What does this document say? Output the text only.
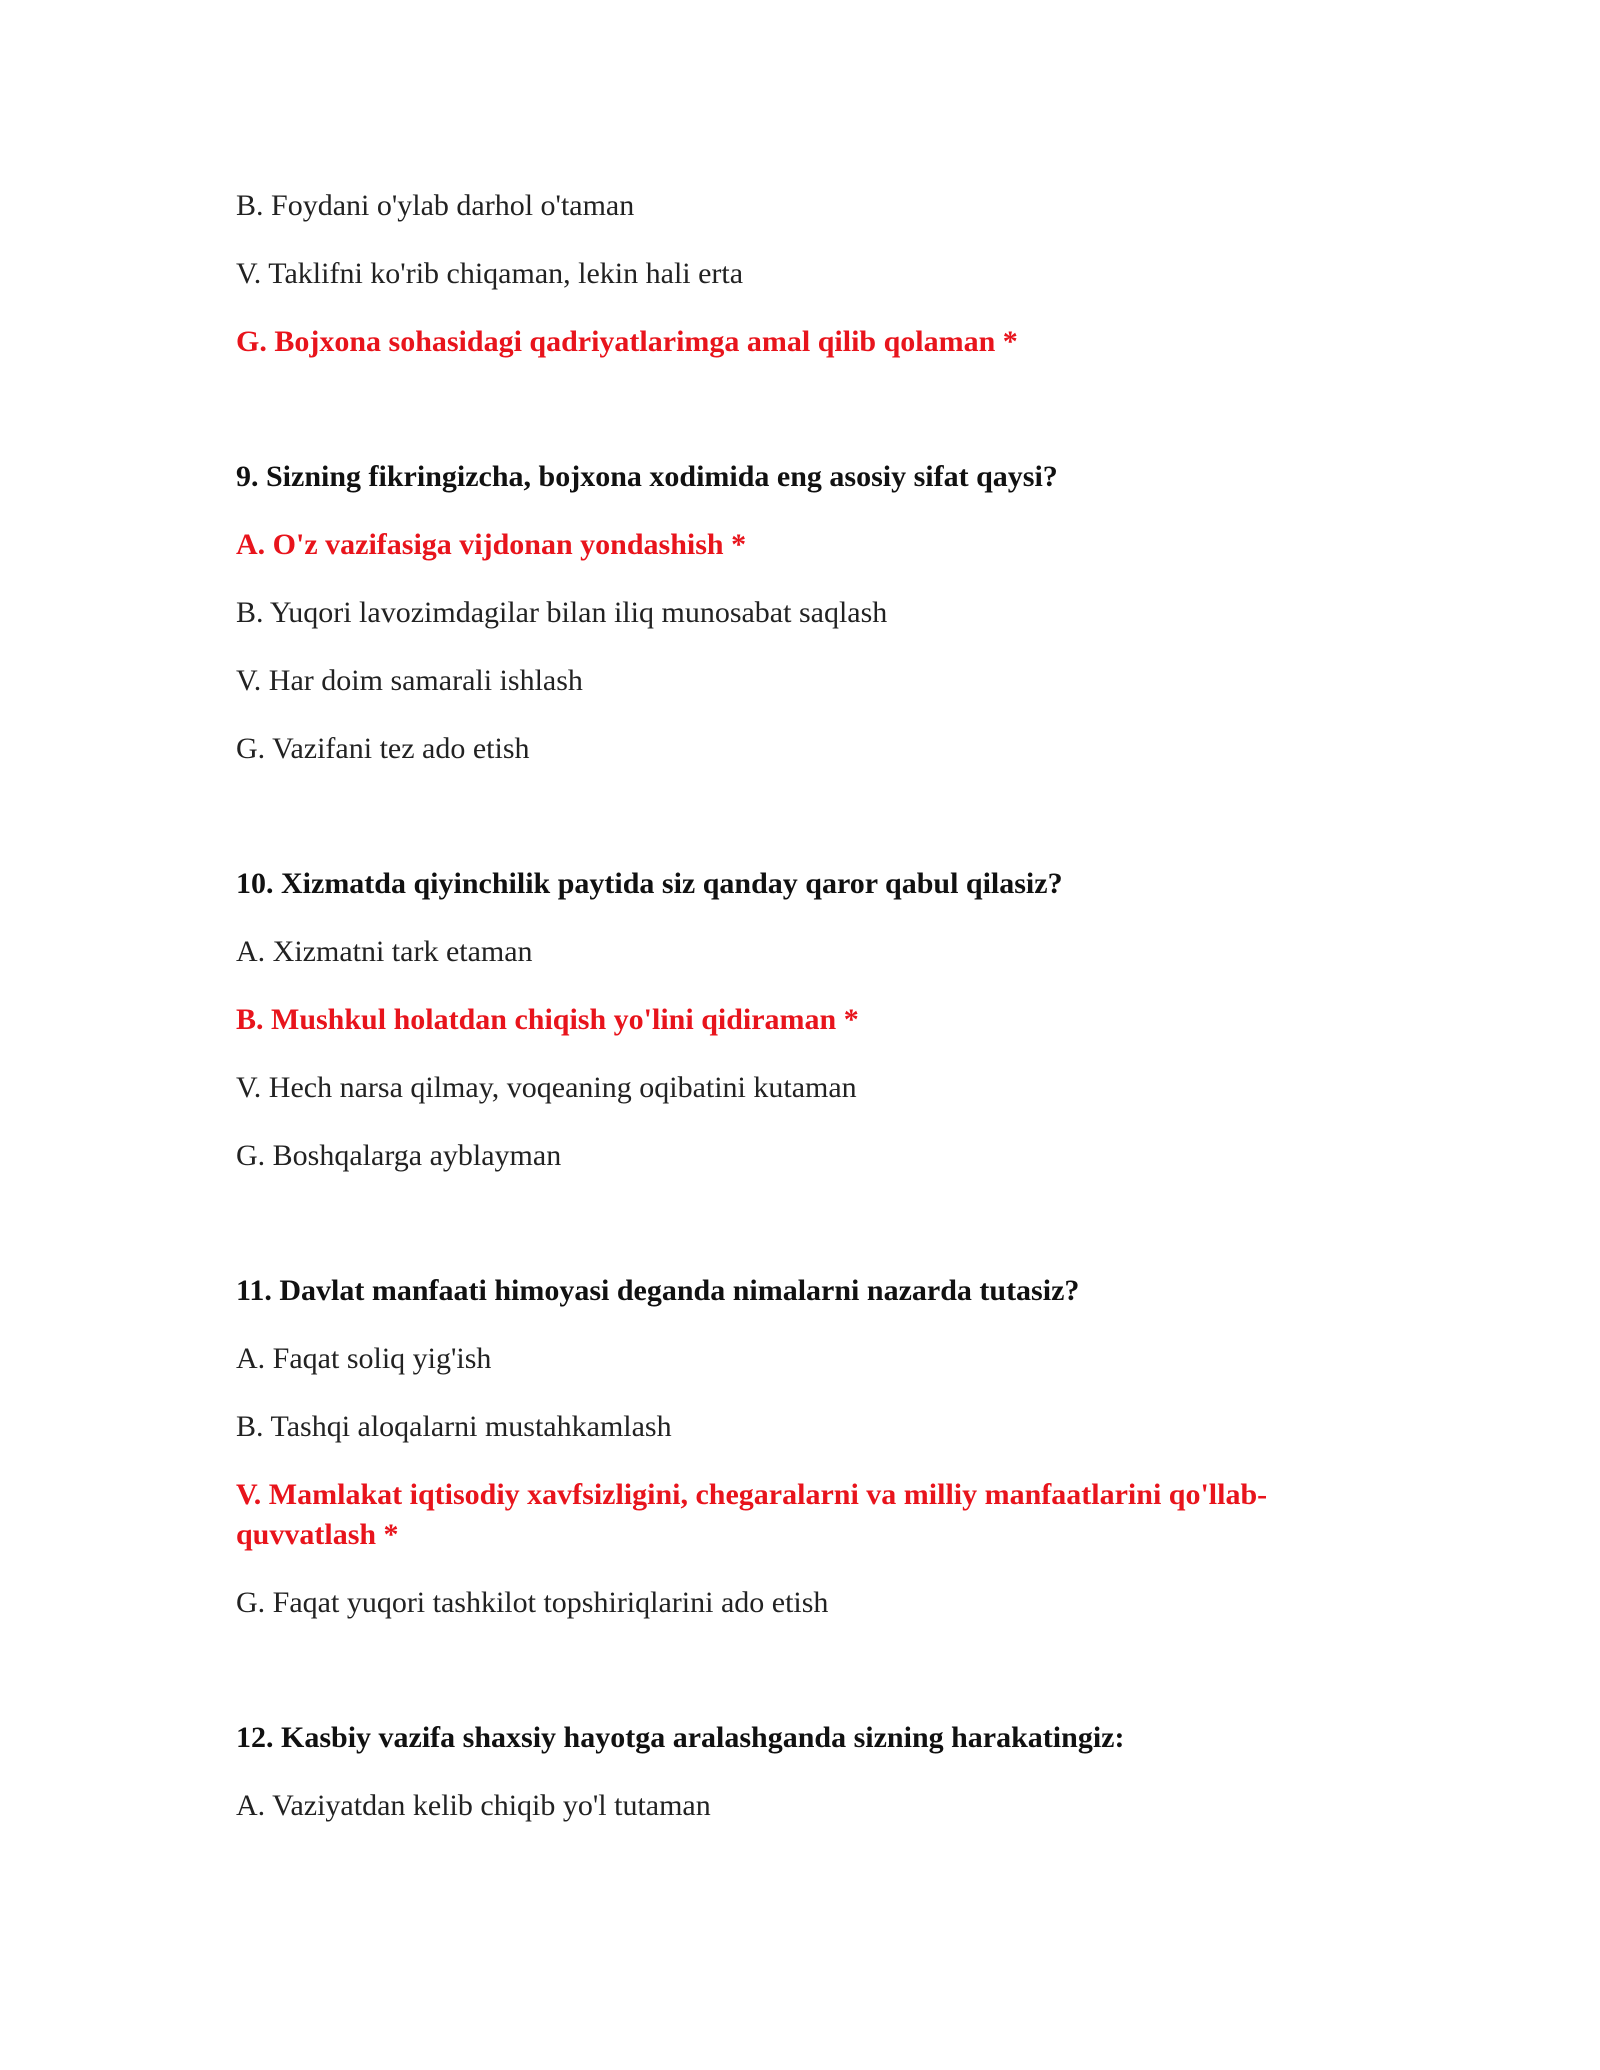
B. Foydani o'ylab darhol o'taman

V. Taklifni ko'rib chiqaman, lekin hali erta

G. Bojxona sohasidagi qadriyatlarimga amal qilib qolaman *

9. Sizning fikringizcha, bojxona xodimida eng asosiy sifat qaysi?

A. O'z vazifasiga vijdonan yondashish *

B. Yuqori lavozimdagilar bilan iliq munosabat saqlash

V. Har doim samarali ishlash

G. Vazifani tez ado etish

10. Xizmatda qiyinchilik paytida siz qanday qaror qabul qilasiz?

A. Xizmatni tark etaman

B. Mushkul holatdan chiqish yo'lini qidiraman *

V. Hech narsa qilmay, voqeaning oqibatini kutaman

G. Boshqalarga ayblayman

11. Davlat manfaati himoyasi deganda nimalarni nazarda tutasiz?

A. Faqat soliq yig'ish

B. Tashqi aloqalarni mustahkamlash

V. Mamlakat iqtisodiy xavfsizligini, chegaralarni va milliy manfaatlarini qo'llab-quvvatlash *

G. Faqat yuqori tashkilot topshiriqlarini ado etish

12. Kasbiy vazifa shaxsiy hayotga aralashganda sizning harakatingiz:

A. Vaziyatdan kelib chiqib yo'l tutaman
